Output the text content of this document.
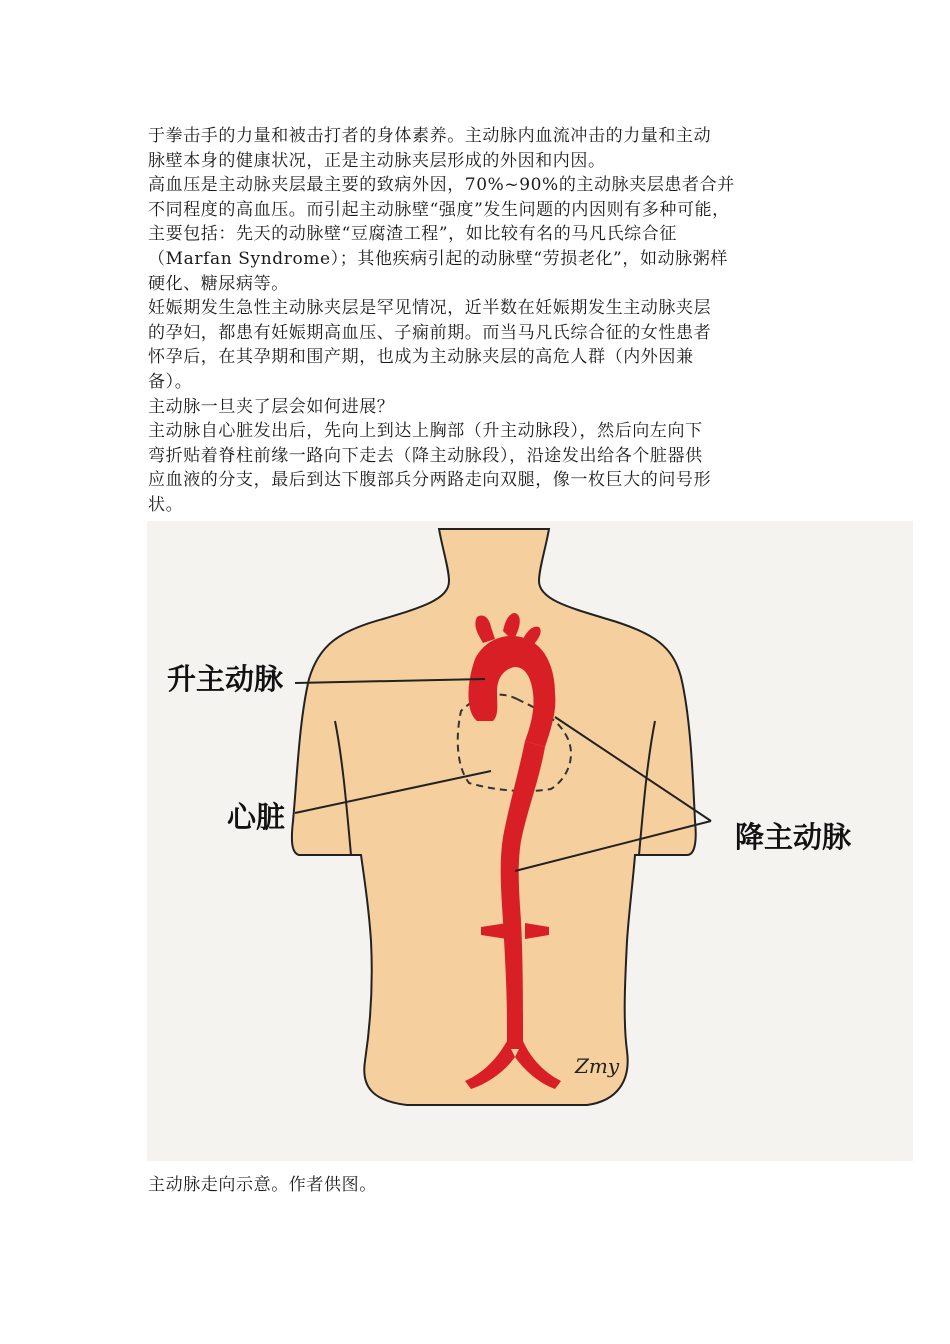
于拳击手的力量和被击打者的身体素养。主动脉内血流冲击的力量和主动

脉壁本身的健康状况，正是主动脉夹层形成的外因和内因。

高血压是主动脉夹层最主要的致病外因，70%~90%的主动脉夹层患者合并

不同程度的高血压。而引起主动脉壁“强度”发生问题的内因则有多种可能，

主要包括：先天的动脉壁“豆腐渣工程”，如比较有名的马凡氏综合征

（Marfan Syndrome）；其他疾病引起的动脉壁“劳损老化”，如动脉粥样

硬化、糖尿病等。

妊娠期发生急性主动脉夹层是罕见情况，近半数在妊娠期发生主动脉夹层

的孕妇，都患有妊娠期高血压、子痫前期。而当马凡氏综合征的女性患者

怀孕后，在其孕期和围产期，也成为主动脉夹层的高危人群（内外因兼

备）。

主动脉一旦夹了层会如何进展？

主动脉自心脏发出后，先向上到达上胸部（升主动脉段），然后向左向下

弯折贴着脊柱前缘一路向下走去（降主动脉段），沿途发出给各个脏器供

应血液的分支，最后到达下腹部兵分两路走向双腿，像一枚巨大的问号形

状。

升主动脉
心脏
降主动脉
Zmy

主动脉走向示意。作者供图。
